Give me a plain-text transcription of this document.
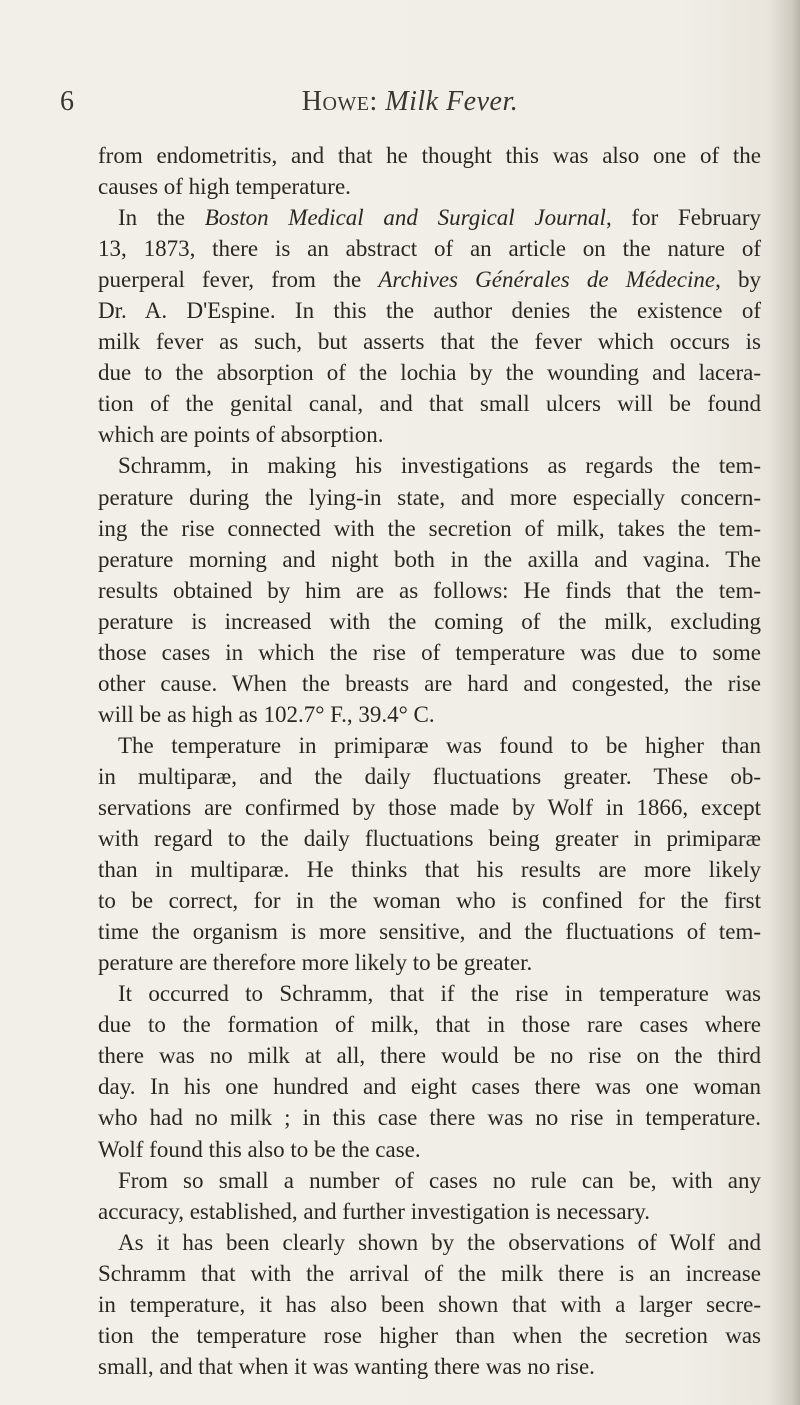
6	Howe: Milk Fever.
from endometritis, and that he thought this was also one of the
causes of high temperature.
In the Boston Medical and Surgical Journal, for February
13, 1873, there is an abstract of an article on the nature of
puerperal fever, from the Archives Générales de Médecine, by
Dr. A. D'Espine. In this the author denies the existence of
milk fever as such, but asserts that the fever which occurs is
due to the absorption of the lochia by the wounding and lacera-
tion of the genital canal, and that small ulcers will be found
which are points of absorption.
Schramm, in making his investigations as regards the tem-
perature during the lying-in state, and more especially concern-
ing the rise connected with the secretion of milk, takes the tem-
perature morning and night both in the axilla and vagina. The
results obtained by him are as follows: He finds that the tem-
perature is increased with the coming of the milk, excluding
those cases in which the rise of temperature was due to some
other cause. When the breasts are hard and congested, the rise
will be as high as 102.7° F., 39.4° C.
The temperature in primiparæ was found to be higher than
in multiparæ, and the daily fluctuations greater. These ob-
servations are confirmed by those made by Wolf in 1866, except
with regard to the daily fluctuations being greater in primiparæ
than in multiparæ. He thinks that his results are more likely
to be correct, for in the woman who is confined for the first
time the organism is more sensitive, and the fluctuations of tem-
perature are therefore more likely to be greater.
It occurred to Schramm, that if the rise in temperature was
due to the formation of milk, that in those rare cases where
there was no milk at all, there would be no rise on the third
day. In his one hundred and eight cases there was one woman
who had no milk ; in this case there was no rise in temperature.
Wolf found this also to be the case.
From so small a number of cases no rule can be, with any
accuracy, established, and further investigation is necessary.
As it has been clearly shown by the observations of Wolf and
Schramm that with the arrival of the milk there is an increase
in temperature, it has also been shown that with a larger secre-
tion the temperature rose higher than when the secretion was
small, and that when it was wanting there was no rise.
